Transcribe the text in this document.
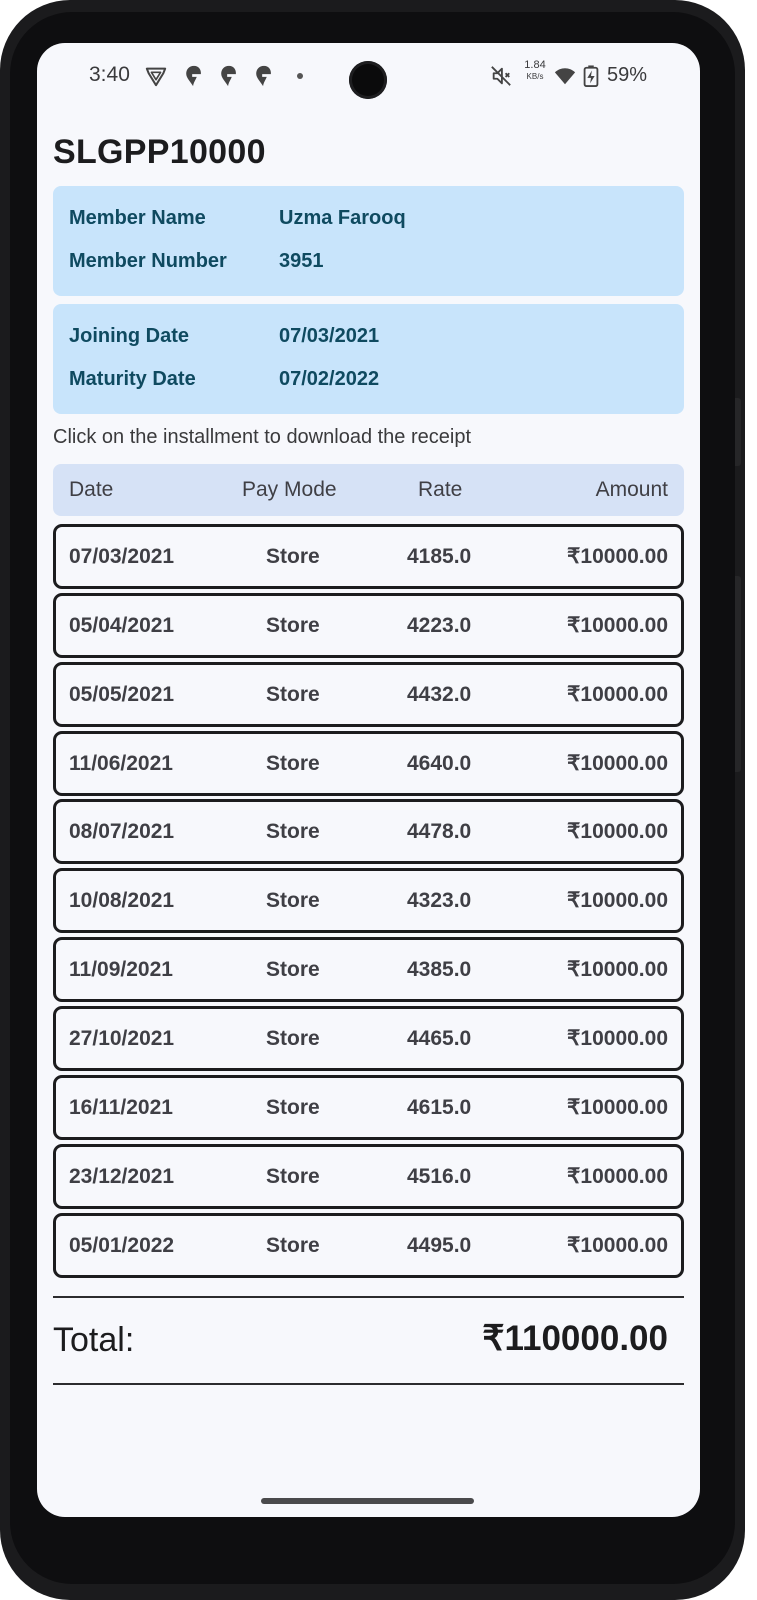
3:40	1.84
KB/s	59%
SLGPP10000
Member Name	Uzma Farooq
Member Number	3951
Joining Date	07/03/2021
Maturity Date	07/02/2022
Click on the installment to download the receipt
Date	Pay Mode	Rate	Amount
07/03/2021	Store	4185.0	₹10000.00
05/04/2021	Store	4223.0	₹10000.00
05/05/2021	Store	4432.0	₹10000.00
11/06/2021	Store	4640.0	₹10000.00
08/07/2021	Store	4478.0	₹10000.00
10/08/2021	Store	4323.0	₹10000.00
11/09/2021	Store	4385.0	₹10000.00
27/10/2021	Store	4465.0	₹10000.00
16/11/2021	Store	4615.0	₹10000.00
23/12/2021	Store	4516.0	₹10000.00
05/01/2022	Store	4495.0	₹10000.00
Total:	₹110000.00
